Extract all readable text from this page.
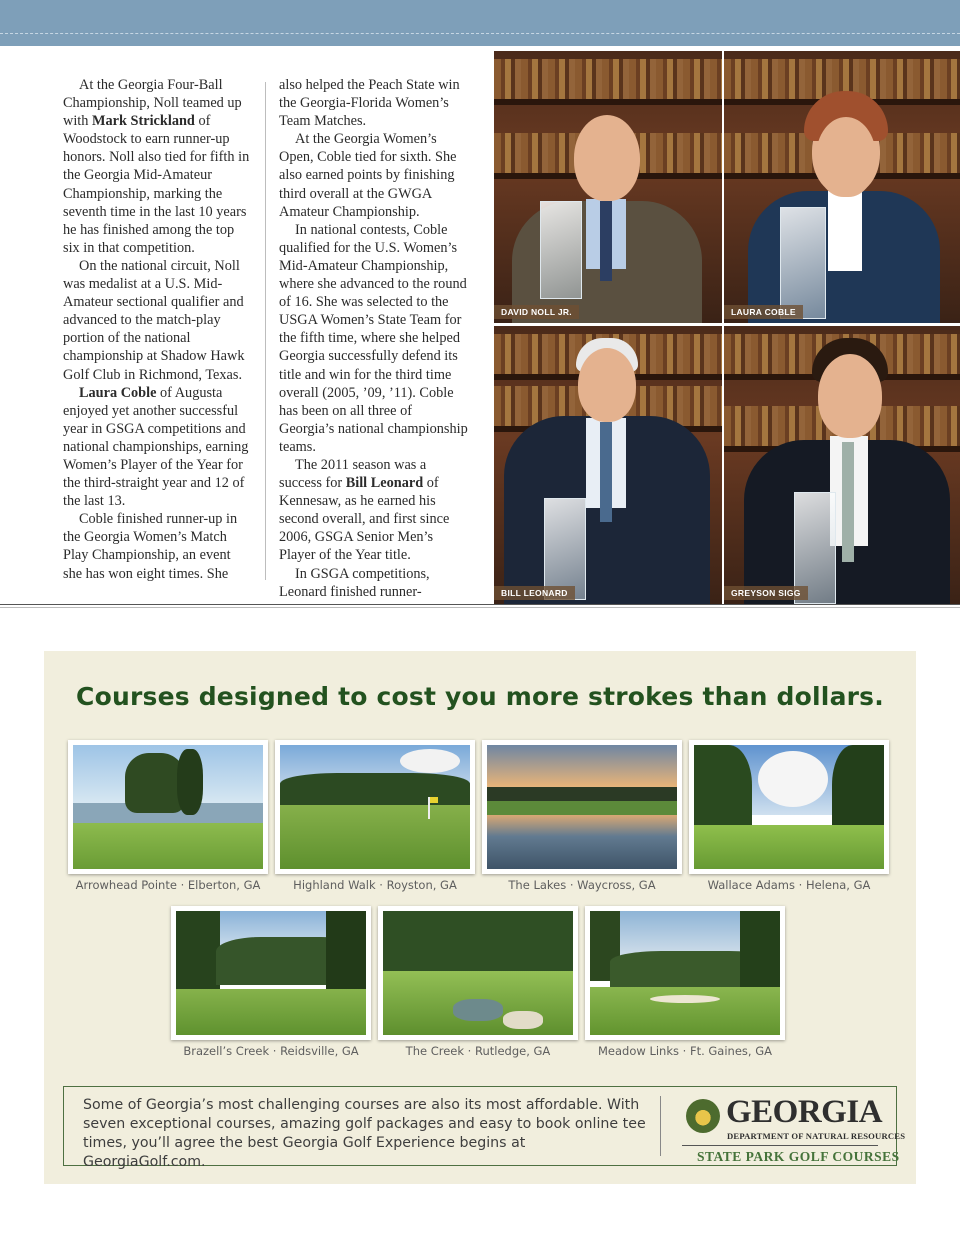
At the Georgia Four-Ball Championship, Noll teamed up with Mark Strickland of Woodstock to earn runner-up honors. Noll also tied for fifth in the Georgia Mid-Amateur Championship, marking the seventh time in the last 10 years he has finished among the top six in that competition.

On the national circuit, Noll was medalist at a U.S. Mid-Amateur sectional qualifier and advanced to the match-play portion of the national championship at Shadow Hawk Golf Club in Richmond, Texas.

Laura Coble of Augusta enjoyed yet another successful year in GSGA competitions and national championships, earning Women’s Player of the Year for the third-straight year and 12 of the last 13.

Coble finished runner-up in the Georgia Women’s Match Play Championship, an event she has won eight times. She

also helped the Peach State win the Georgia-Florida Women’s Team Matches.

At the Georgia Women’s Open, Coble tied for sixth. She also earned points by finishing third overall at the GWGA Amateur Championship.

In national contests, Coble qualified for the U.S. Women’s Mid-Amateur Championship, where she advanced to the round of 16. She was selected to the USGA Women’s State Team for the fifth time, where she helped Georgia successfully defend its title and win for the third time overall (2005, ’09, ’11). Coble has been on all three of Georgia’s national championship teams.

The 2011 season was a success for Bill Leonard of Kennesaw, as he earned his second overall, and first since 2006, GSGA Senior Men’s Player of the Year title.

In GSGA competitions, Leonard finished runner-

DAVID NOLL JR.	LAURA COBLE
BILL LEONARD	GREYSON SIGG
Courses designed to cost you more strokes than dollars.
Arrowhead Pointe · Elberton, GA	Highland Walk · Royston, GA	The Lakes · Waycross, GA	Wallace Adams · Helena, GA
Brazell’s Creek · Reidsville, GA	The Creek · Rutledge, GA	Meadow Links · Ft. Gaines, GA
Some of Georgia’s most challenging courses are also its most affordable. With seven exceptional courses, amazing golf packages and easy to book online tee times, you’ll agree the best Georgia Golf Experience begins at GeorgiaGolf.com.
GEORGIA
DEPARTMENT OF NATURAL RESOURCES
STATE PARK GOLF COURSES
